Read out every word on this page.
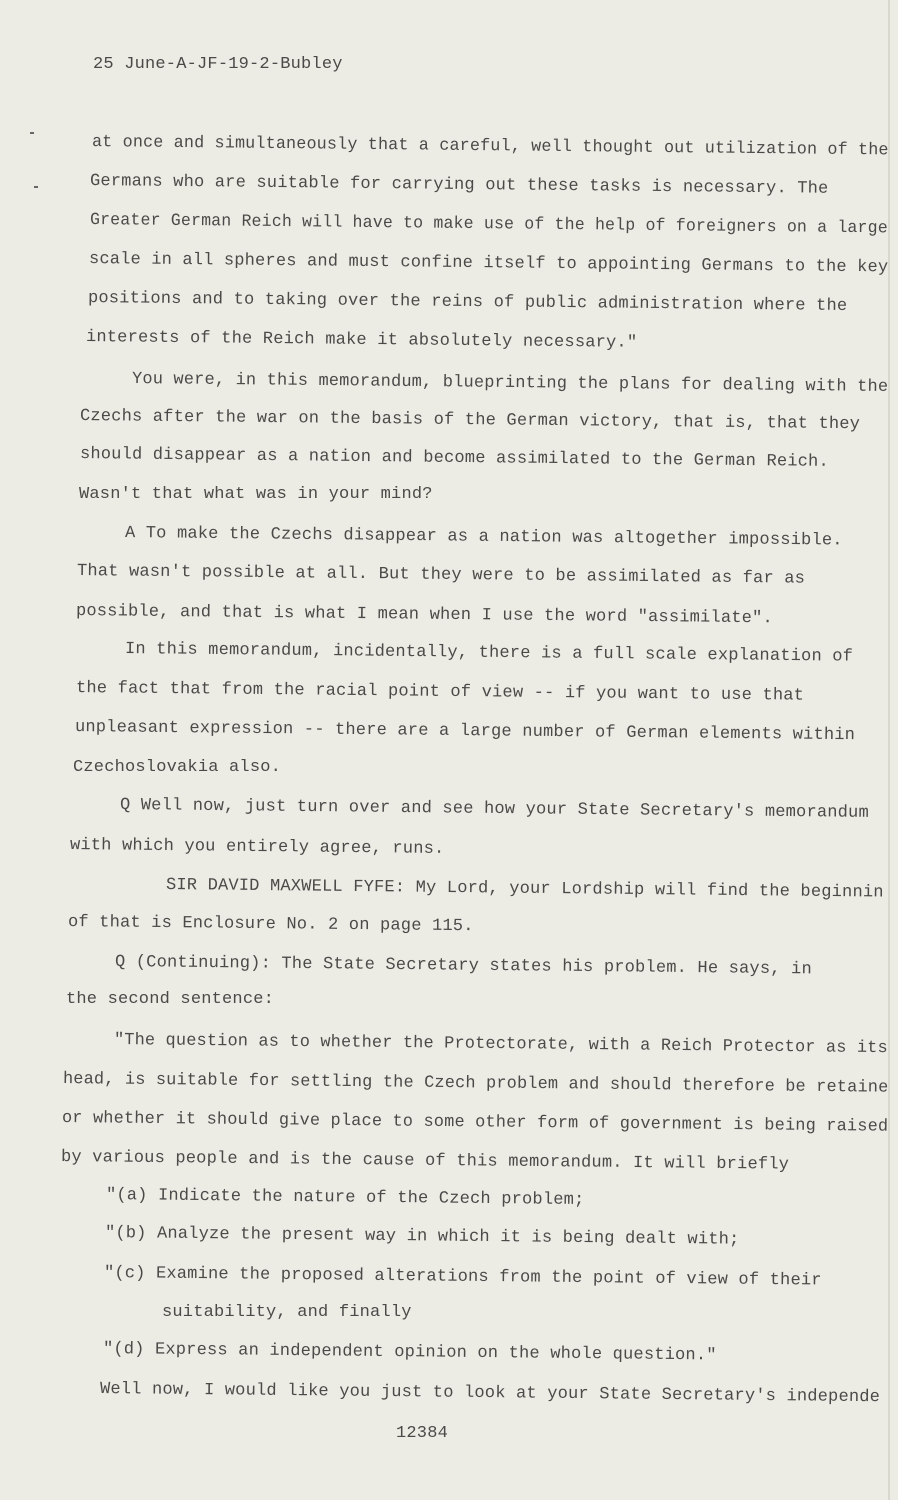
25 June-A-JF-19-2-Bubley
at once and simultaneously that a careful, well thought out utilization of the
Germans who are suitable for carrying out these tasks is necessary. The
Greater German Reich will have to make use of the help of foreigners on a large
scale in all spheres and must confine itself to appointing Germans to the key
positions and to taking over the reins of public administration where the
interests of the Reich make it absolutely necessary."
You were, in this memorandum, blueprinting the plans for dealing with the
Czechs after the war on the basis of the German victory, that is, that they
should disappear as a nation and become assimilated to the German Reich.
Wasn't that what was in your mind?
A To make the Czechs disappear as a nation was altogether impossible.
That wasn't possible at all. But they were to be assimilated as far as
possible, and that is what I mean when I use the word "assimilate".
In this memorandum, incidentally, there is a full scale explanation of
the fact that from the racial point of view -- if you want to use that
unpleasant expression -- there are a large number of German elements within
Czechoslovakia also.
Q Well now, just turn over and see how your State Secretary's memorandum
with which you entirely agree, runs.
SIR DAVID MAXWELL FYFE: My Lord, your Lordship will find the beginnin
of that is Enclosure No. 2 on page 115.
Q (Continuing): The State Secretary states his problem. He says, in
the second sentence:
"The question as to whether the Protectorate, with a Reich Protector as its
head, is suitable for settling the Czech problem and should therefore be retaine
or whether it should give place to some other form of government is being raised
by various people and is the cause of this memorandum. It will briefly
"(a) Indicate the nature of the Czech problem;
"(b) Analyze the present way in which it is being dealt with;
"(c) Examine the proposed alterations from the point of view of their
suitability, and finally
"(d) Express an independent opinion on the whole question."
Well now, I would like you just to look at your State Secretary's independe
12384
